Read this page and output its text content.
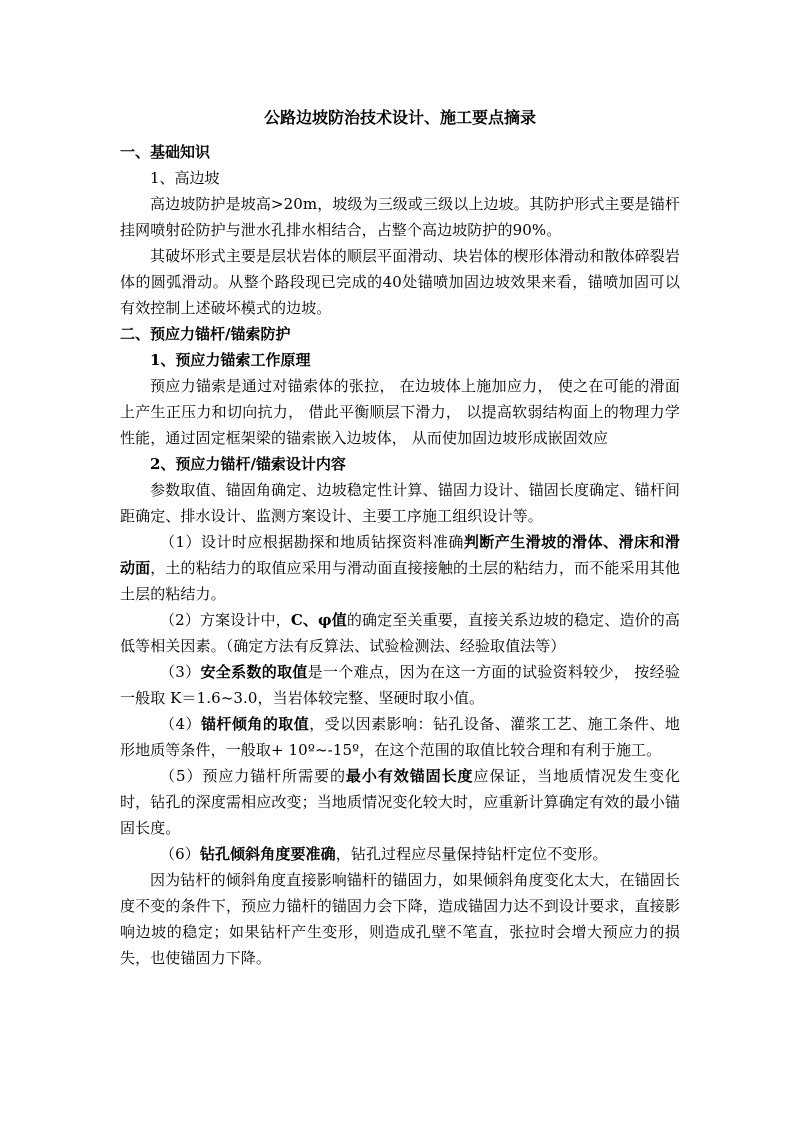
公路边坡防治技术设计、施工要点摘录
一、基础知识
1、高边坡

高边坡防护是坡高>20m，坡级为三级或三级以上边坡。其防护形式主要是锚杆挂网喷射砼防护与泄水孔排水相结合，占整个高边坡防护的90%。

其破坏形式主要是层状岩体的顺层平面滑动、块岩体的楔形体滑动和散体碎裂岩体的圆弧滑动。从整个路段现已完成的40处锚喷加固边坡效果来看，锚喷加固可以有效控制上述破坏模式的边坡。

二、预应力锚杆/锚索防护
1、预应力锚索工作原理

预应力锚索是通过对锚索体的张拉， 在边坡体上施加应力， 使之在可能的滑面上产生正压力和切向抗力， 借此平衡顺层下滑力， 以提高软弱结构面上的物理力学性能，通过固定框架梁的锚索嵌入边坡体， 从而使加固边坡形成嵌固效应

2、预应力锚杆/锚索设计内容

参数取值、锚固角确定、边坡稳定性计算、锚固力设计、锚固长度确定、锚杆间距确定、排水设计、监测方案设计、主要工序施工组织设计等。

（1）设计时应根据勘探和地质钻探资料准确判断产生滑坡的滑体、滑床和滑动面，土的粘结力的取值应采用与滑动面直接接触的土层的粘结力，而不能采用其他土层的粘结力。

（2）方案设计中，C、φ值的确定至关重要，直接关系边坡的稳定、造价的高低等相关因素。（确定方法有反算法、试验检测法、经验取值法等）

（3）安全系数的取值是一个难点，因为在这一方面的试验资料较少， 按经验一般取 K＝1.6~3.0，当岩体较完整、坚硬时取小值。

（4）锚杆倾角的取值，受以因素影响：钻孔设备、灌浆工艺、施工条件、地形地质等条件，一般取+ 10º~-15º，在这个范围的取值比较合理和有利于施工。

（5）预应力锚杆所需要的最小有效锚固长度应保证，当地质情况发生变化时，钻孔的深度需相应改变；当地质情况变化较大时，应重新计算确定有效的最小锚固长度。

（6）钻孔倾斜角度要准确，钻孔过程应尽量保持钻杆定位不变形。

因为钻杆的倾斜角度直接影响锚杆的锚固力，如果倾斜角度变化太大，在锚固长度不变的条件下，预应力锚杆的锚固力会下降，造成锚固力达不到设计要求，直接影响边坡的稳定；如果钻杆产生变形，则造成孔壁不笔直，张拉时会增大预应力的损失，也使锚固力下降。
